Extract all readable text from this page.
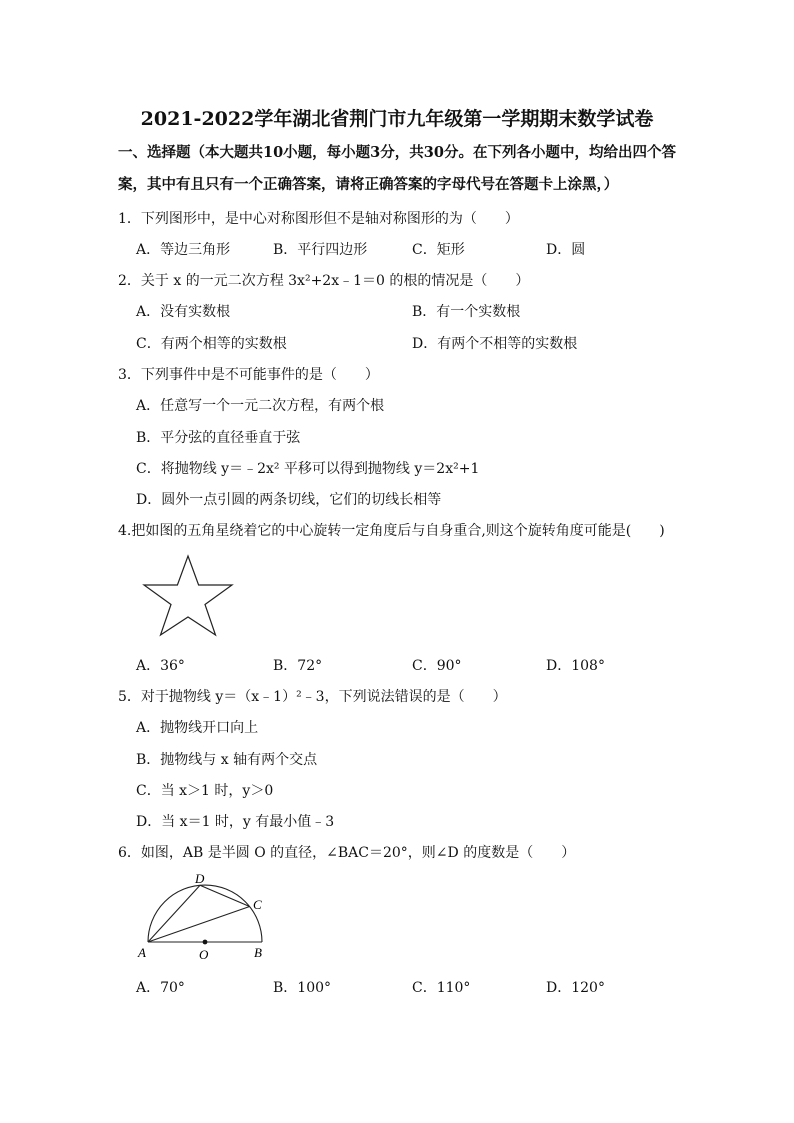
2021-2022学年湖北省荆门市九年级第一学期期末数学试卷
一、选择题（本大题共10小题，每小题3分，共30分。在下列各小题中，均给出四个答
案，其中有且只有一个正确答案，请将正确答案的字母代号在答题卡上涂黑，）
1．下列图形中，是中心对称图形但不是轴对称图形的为（　　）
A．等边三角形	B．平行四边形	C．矩形	D．圆
2．关于 x 的一元二次方程 3x²+2x﹣1＝0 的根的情况是（　　）
A．没有实数根	B．有一个实数根
C．有两个相等的实数根	D．有两个不相等的实数根
3．下列事件中是不可能事件的是（　　）
A．任意写一个一元二次方程，有两个根
B．平分弦的直径垂直于弦
C．将抛物线 y＝﹣2x² 平移可以得到抛物线 y＝2x²+1
D．圆外一点引圆的两条切线，它们的切线长相等
4.把如图的五角星绕着它的中心旋转一定角度后与自身重合,则这个旋转角度可能是(　　)
A．36°	B．72°	C．90°	D．108°
5．对于抛物线 y＝（x﹣1）²﹣3，下列说法错误的是（　　）
A．抛物线开口向上
B．抛物线与 x 轴有两个交点
C．当 x＞1 时，y＞0
D．当 x＝1 时，y 有最小值﹣3
6．如图，AB 是半圆 O 的直径，∠BAC＝20°，则∠D 的度数是（　　）
A	O	B
D
C
A．70°	B．100°	C．110°	D．120°
